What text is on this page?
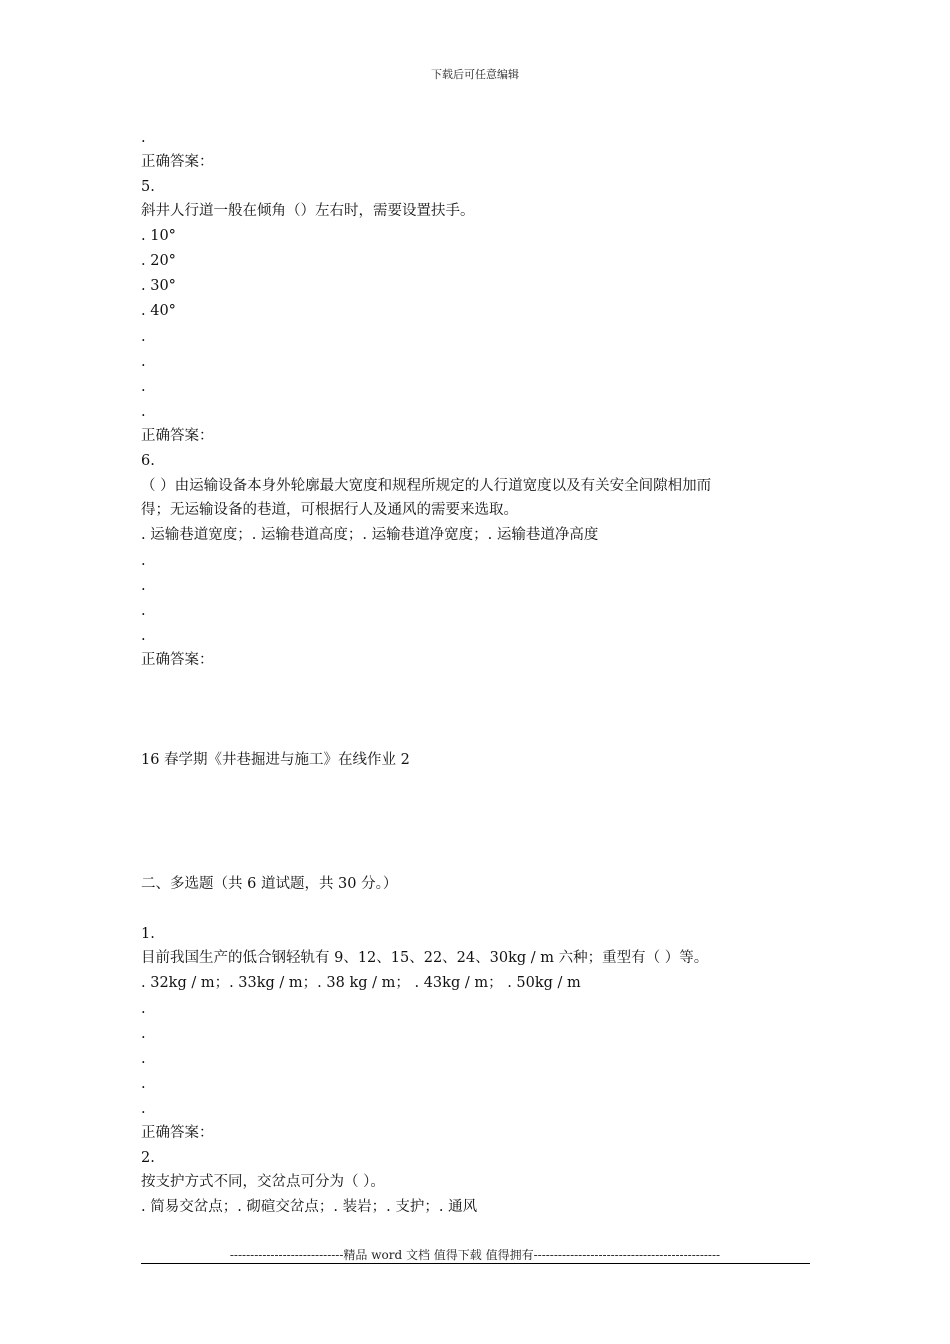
下载后可任意编辑
.
正确答案：
5.
斜井人行道一般在倾角（）左右时，需要设置扶手。
. 10°
. 20°
. 30°
. 40°
.
.
.
.
正确答案：
6.
（ ）由运输设备本身外轮廓最大宽度和规程所规定的人行道宽度以及有关安全间隙相加而
得；无运输设备的巷道，可根据行人及通风的需要来选取。
. 运输巷道宽度；. 运输巷道高度；. 运输巷道净宽度；. 运输巷道净高度
.
.
.
.
正确答案：
16 春学期《井巷掘进与施工》在线作业 2
二、多选题（共 6 道试题，共 30 分。）
1.
目前我国生产的低合钢轻轨有 9、12、15、22、24、30kg / m 六种；重型有（ ）等。
. 32kg / m；. 33kg / m；. 38 kg / m； . 43kg / m； . 50kg / m
.
.
.
.
.
正确答案：
2.
按支护方式不同，交岔点可分为（ ）。
. 简易交岔点；. 砌碹交岔点；. 装岩；. 支护；. 通风
----------------------------精品 word 文档 值得下载 值得拥有----------------------------------------------
